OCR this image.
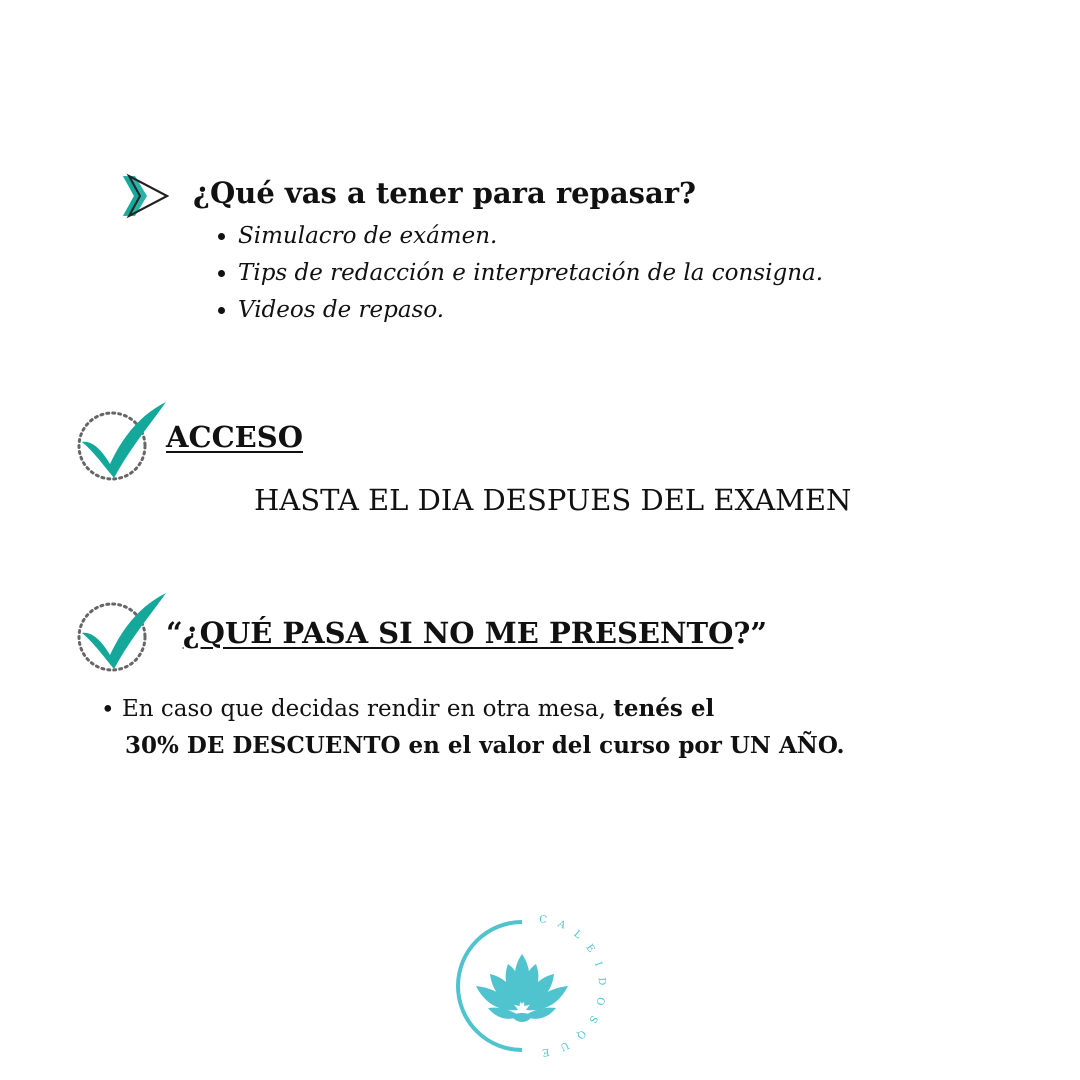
¿Qué vas a tener para repasar?
• Simulacro de exámen.
• Tips de redacción e interpretación de la consigna.
• Videos de repaso.
ACCESO
HASTA EL DIA DESPUES DEL EXAMEN
“¿QUÉ PASA SI NO ME PRESENTO?”
• En caso que decidas rendir en otra mesa, tenés el
30% DE DESCUENTO en el valor del curso por UN AÑO.
CALEIDOSQUE
